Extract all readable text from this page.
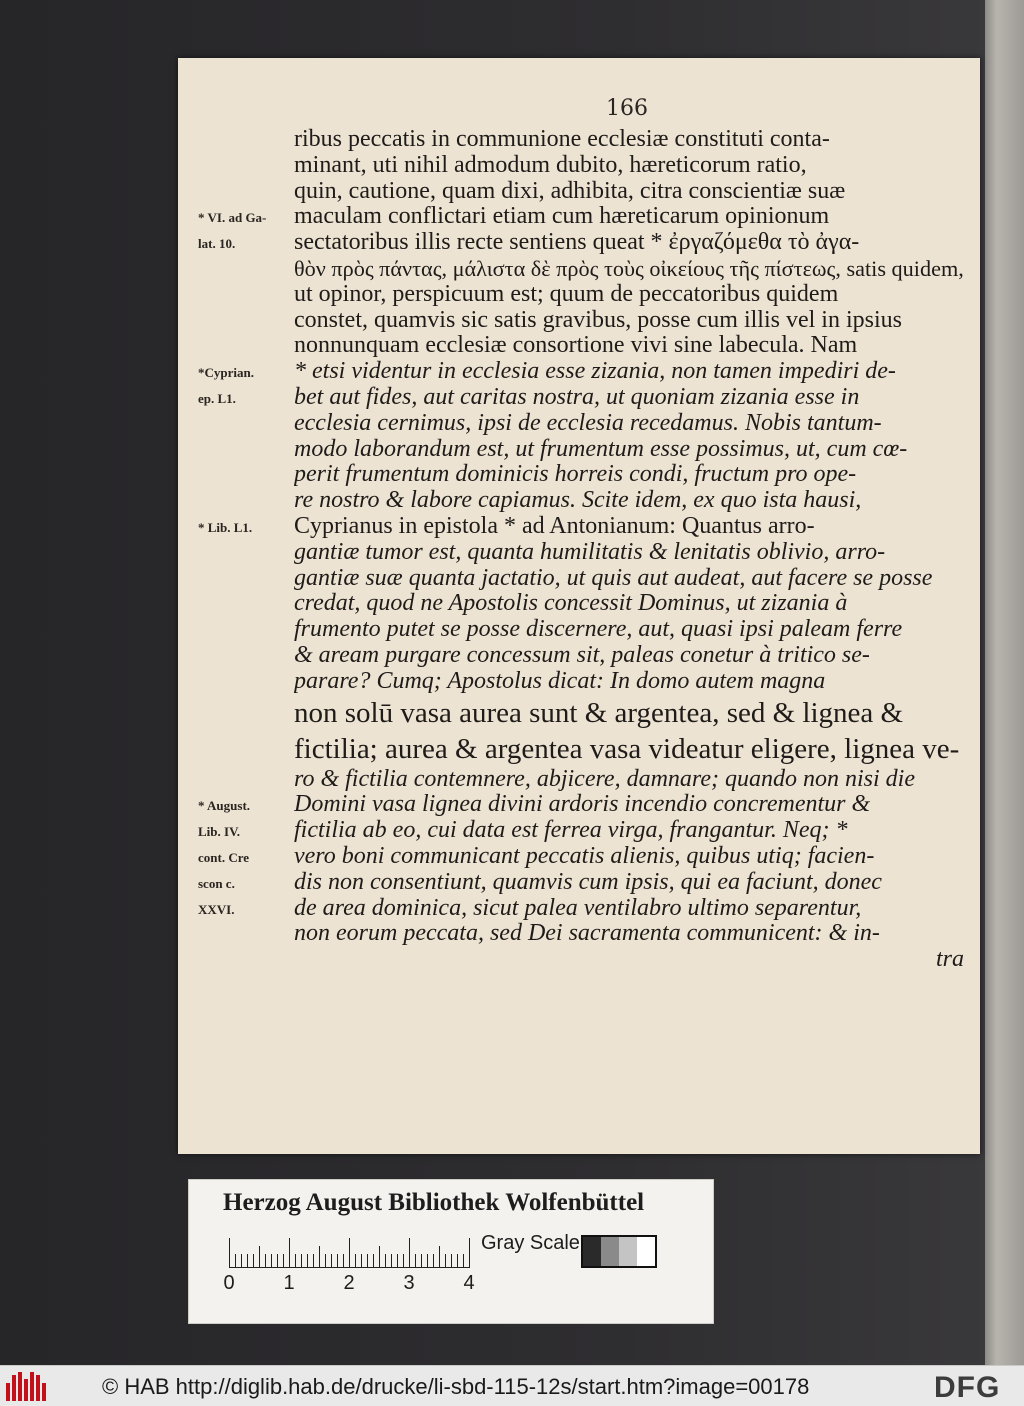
166
ribus peccatis in communione ecclesiæ constituti conta-
minant, uti nihil admodum dubito, hæreticorum ratio,
quin, cautione, quam dixi, adhibita, citra conscientiæ suæ
maculam conflictari etiam cum hæreticarum opinionum
sectatoribus illis recte sentiens queat * ἐργαζόμεθα τὸ ἀγα-
θὸν πρὸς πάντας, μάλιστα δὲ πρὸς τοὺς οἰκείους τῆς πίστεως, satis quidem,
ut opinor, perspicuum est; quum de peccatoribus quidem
constet, quamvis sic satis gravibus, posse cum illis vel in ipsius
nonnunquam ecclesiæ consortione vivi sine labecula. Nam
* etsi videntur in ecclesia esse zizania, non tamen impediri de-
bet aut fides, aut caritas nostra, ut quoniam zizania esse in
ecclesia cernimus, ipsi de ecclesia recedamus. Nobis tantum-
modo laborandum est, ut frumentum esse possimus, ut, cum cœ-
perit frumentum dominicis horreis condi, fructum pro ope-
re nostro & labore capiamus. Scite idem, ex quo ista hausi,
Cyprianus in epistola * ad Antonianum: Quantus arro-
gantiæ tumor est, quanta humilitatis & lenitatis oblivio, arro-
gantiæ suæ quanta jactatio, ut quis aut audeat, aut facere se posse
credat, quod ne Apostolis concessit Dominus, ut zizania à
frumento putet se posse discernere, aut, quasi ipsi paleam ferre
& aream purgare concessum sit, paleas conetur à tritico se-
parare? Cumq; Apostolus dicat: In domo autem magna
non solū vasa aurea sunt & argentea, sed & lignea &
fictilia; aurea & argentea vasa videatur eligere, lignea ve-
ro & fictilia contemnere, abjicere, damnare; quando non nisi die
Domini vasa lignea divini ardoris incendio concrementur &
fictilia ab eo, cui data est ferrea virga, frangantur. Neq; *
vero boni communicant peccatis alienis, quibus utiq; facien-
dis non consentiunt, quamvis cum ipsis, qui ea faciunt, donec
de area dominica, sicut palea ventilabro ultimo separentur,
non eorum peccata, sed Dei sacramenta communicent: & in-
tra
* VI. ad Ga-
lat. 10.
*Cyprian.
ep. L1.
* Lib. L1.
* August.
Lib. IV.
cont. Cre
scon c.
XXVI.
Herzog August Bibliothek Wolfenbüttel
0 1 2 3 4
Gray Scale
© HAB http://diglib.hab.de/drucke/li-sbd-115-12s/start.htm?image=00178	DFG
